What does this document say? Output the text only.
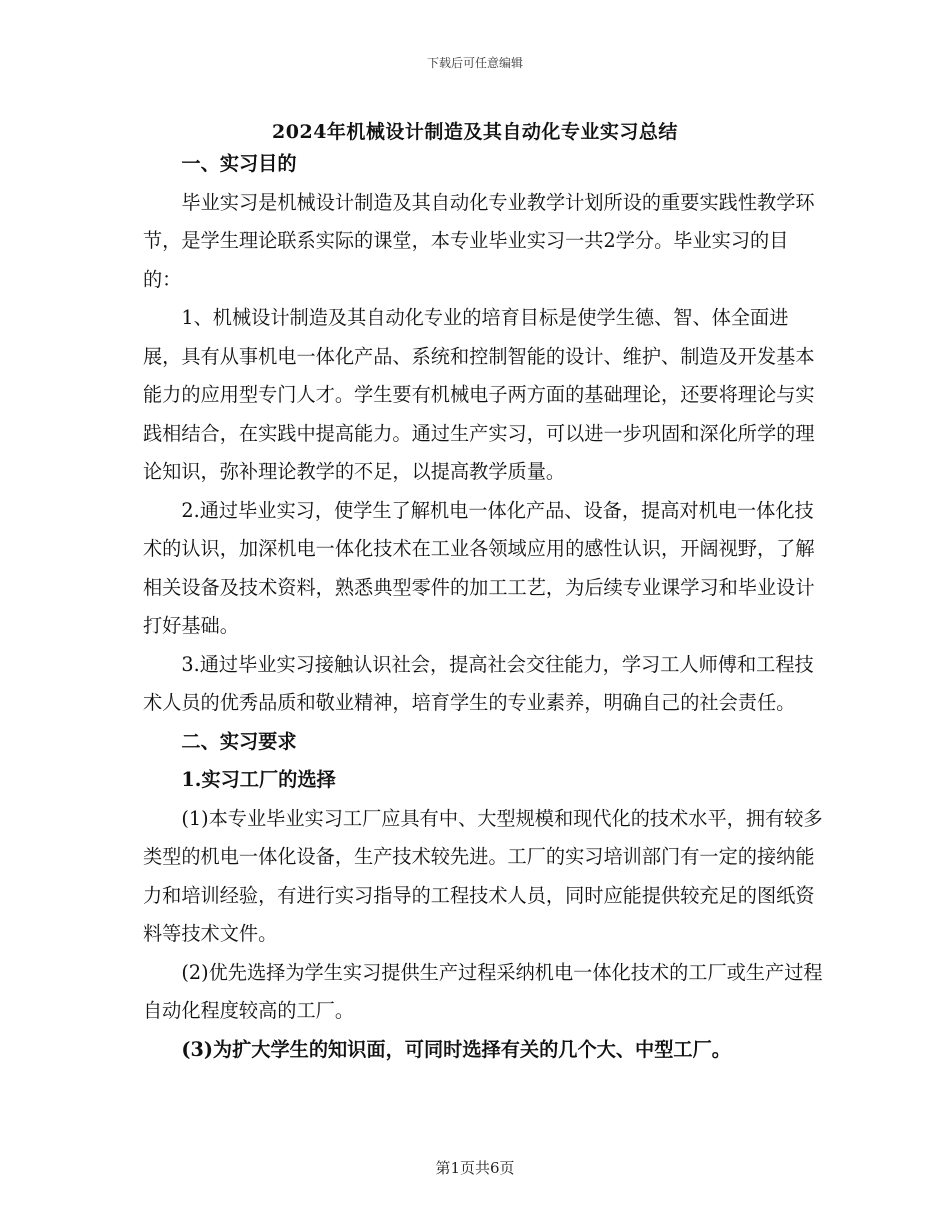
下载后可任意编辑
2024年机械设计制造及其自动化专业实习总结

一、实习目的

毕业实习是机械设计制造及其自动化专业教学计划所设的重要实践性教学环节，是学生理论联系实际的课堂，本专业毕业实习一共2学分。毕业实习的目的：

1、机械设计制造及其自动化专业的培育目标是使学生德、智、体全面进展，具有从事机电一体化产品、系统和控制智能的设计、维护、制造及开发基本能力的应用型专门人才。学生要有机械电子两方面的基础理论，还要将理论与实践相结合，在实践中提高能力。通过生产实习，可以进一步巩固和深化所学的理论知识，弥补理论教学的不足，以提高教学质量。

2.通过毕业实习，使学生了解机电一体化产品、设备，提高对机电一体化技术的认识，加深机电一体化技术在工业各领域应用的感性认识，开阔视野，了解相关设备及技术资料，熟悉典型零件的加工工艺，为后续专业课学习和毕业设计打好基础。

3.通过毕业实习接触认识社会，提高社会交往能力，学习工人师傅和工程技术人员的优秀品质和敬业精神，培育学生的专业素养，明确自己的社会责任。

二、实习要求

1.实习工厂的选择

(1)本专业毕业实习工厂应具有中、大型规模和现代化的技术水平，拥有较多类型的机电一体化设备，生产技术较先进。工厂的实习培训部门有一定的接纳能力和培训经验，有进行实习指导的工程技术人员，同时应能提供较充足的图纸资料等技术文件。

(2)优先选择为学生实习提供生产过程采纳机电一体化技术的工厂或生产过程自动化程度较高的工厂。

(3)为扩大学生的知识面，可同时选择有关的几个大、中型工厂。

第1页共6页
